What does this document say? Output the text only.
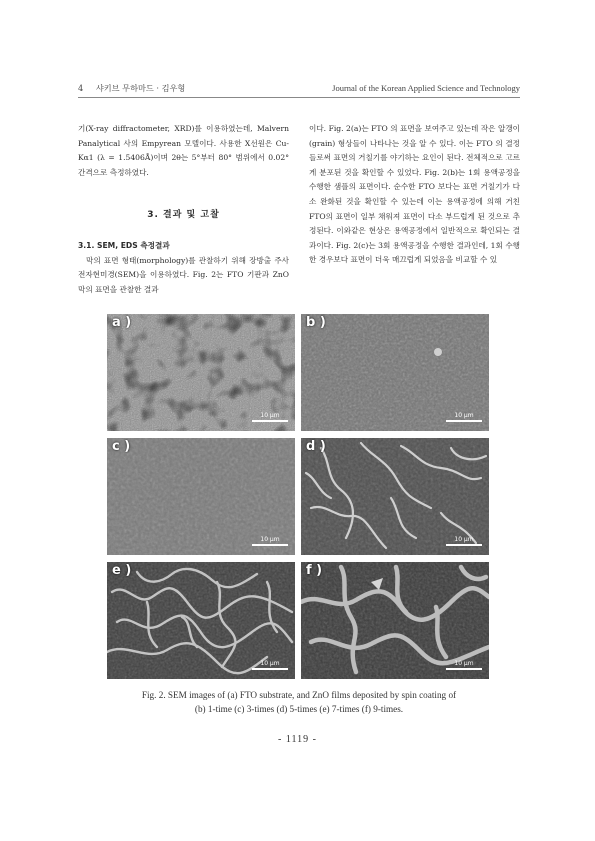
4 샤키브 무하마드 · 김우형	Journal of the Korean Applied Science and Technology

기(X-ray diffractometer, XRD)를 이용하였는데, Malvern Panalytical 사의 Empyrean 모델이다. 사용한 X선원은 Cu-Kα1 (λ = 1.5406Å)이며 2θ는 5°부터 80° 범위에서 0.02° 간격으로 측정하였다.

3. 결과 및 고찰

3.1. SEM, EDS 측정결과

막의 표면 형태(morphology)를 관찰하기 위해 장방출 주사전자현미경(SEM)을 이용하였다. Fig. 2는 FTO 기판과 ZnO 막의 표면을 관찰한 결과

이다. Fig. 2(a)는 FTO 의 표면을 보여주고 있는데 작은 알갱이(grain) 형상들이 나타나는 것을 알 수 있다. 이는 FTO 의 결정들로써 표면의 거칠기를 야기하는 요인이 된다. 전체적으로 고르게 분포된 것을 확인할 수 있었다. Fig. 2(b)는 1회 용액공정을 수행한 샘플의 표면이다. 순수한 FTO 보다는 표면 거칠기가 다소 완화된 것을 확인할 수 있는데 이는 용액공정에 의해 거친 FTO의 표면이 일부 채워져 표면이 다소 부드럽게 된 것으로 추정된다. 이와같은 현상은 용액공정에서 일반적으로 확인되는 결과이다. Fig. 2(c)는 3회 용액공정을 수행한 결과인데, 1회 수행한 경우보다 표면이 더욱 매끄럽게 되었음을 비교할 수 있

a )
10 μm
b )
10 μm
c )
10 μm
d )
10 μm
e )
10 μm
f )
10 μm
Fig. 2. SEM images of (a) FTO substrate, and ZnO films deposited by spin coating of
(b) 1-time (c) 3-times (d) 5-times (e) 7-times (f) 9-times.
- 1119 -
